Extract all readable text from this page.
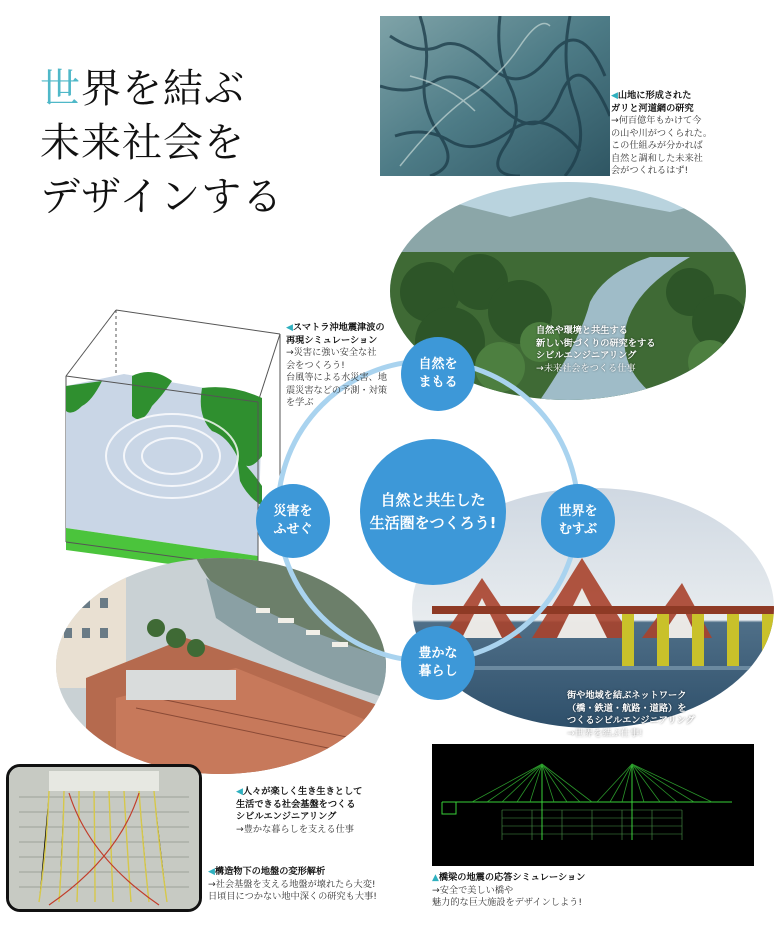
世界を結ぶ
未来社会を
デザインする
自然と共生した
生活圏をつくろう!
自然を
まもる
世界を
むすぶ
災害を
ふせぐ
豊かな
暮らし
◀山地に形成された
ガリと河道網の研究
→何百億年もかけて今
の山や川がつくられた。
この仕組みが分かれば
自然と調和した未来社
会がつくれるはず!
自然や環境と共生する
新しい街づくりの研究をする
シビルエンジニアリング
→未来社会をつくる仕事
◀スマトラ沖地震津波の
再現シミュレーション
→災害に強い安全な社
会をつくろう!
台風等による水災害、地
震災害などの予測・対策
を学ぶ
街や地域を結ぶネットワーク
（橋・鉄道・航路・道路）を
つくるシビルエンジニアリング
→世界を結ぶ仕事!
◀人々が楽しく生き生きとして
生活できる社会基盤をつくる
シビルエンジニアリング
→豊かな暮らしを支える仕事
◀構造物下の地盤の変形解析
→社会基盤を支える地盤が壊れたら大変!
日頃目につかない地中深くの研究も大事!
▲橋梁の地震の応答シミュレーション
→安全で美しい橋や
魅力的な巨大施設をデザインしよう!
